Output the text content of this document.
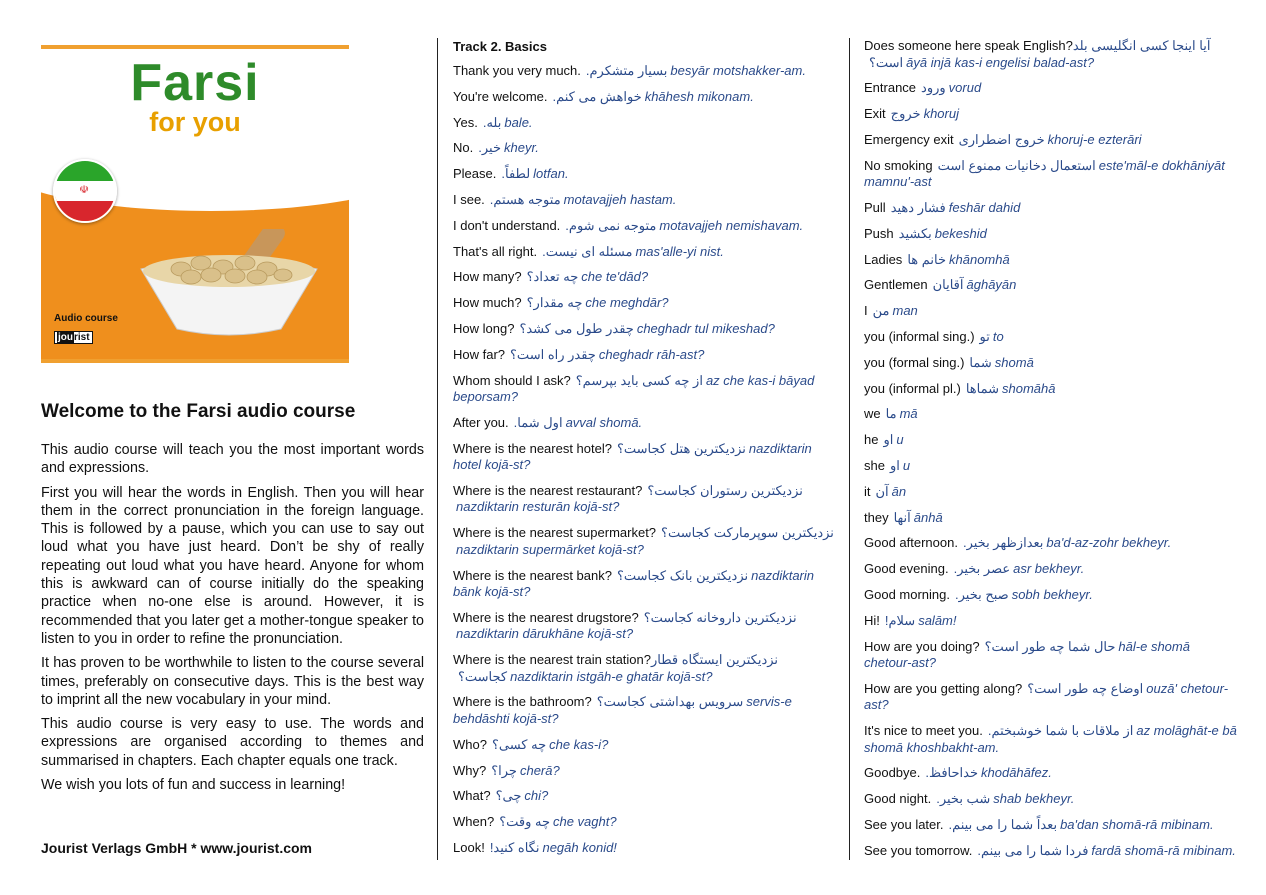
Farsi
for you
☫
Audio course
jourist
Welcome to the Farsi audio course

This audio course will teach you the most important words and expressions.

First you will hear the words in English. Then you will hear them in the correct pronunciation in the foreign language. This is followed by a pause, which you can use to say out loud what you have just heard. Don’t be shy of really repeating out loud what you have heard. Anyone for whom this is awkward can of course initially do the speaking practice when no-one else is around. However, it is recommended that you later get a mother-tongue speaker to listen to you in order to refine the pronunciation.

It has proven to be worthwhile to listen to the course several times, preferably on consecutive days. This is the best way to imprint all the new vocabulary in your mind.

This audio course is very easy to use. The words and expressions are organised according to themes and summarised in chapters. Each chapter equals one track.

We wish you lots of fun and success in learning!

Jourist Verlags GmbH * www.jourist.com
Track 2. Basics
Thank you very much. بسیار متشکرم. besyār motshakker-am.
You're welcome. خواهش می کنم. khāhesh mikonam.
Yes. بله. bale.
No. خیر. kheyr.
Please. لطفاً. lotfan.
I see. متوجه هستم. motavajjeh hastam.
I don't understand. متوجه نمی شوم. motavajjeh nemishavam.
That's all right. مسئله ای نیست. mas'alle-yi nist.
How many? چه تعداد؟ che te'dād?
How much? چه مقدار؟ che meghdār?
How long? چقدر طول می کشد؟ cheghadr tul mikeshad?
How far? چقدر راه است؟ cheghadr rāh-ast?
Whom should I ask? از چه کسی باید بپرسم؟ az che kas-i bāyad beporsam?
After you. اول شما. avval shomā.
Where is the nearest hotel? نزدیکترین هتل کجاست؟ nazdiktarin hotel kojā-st?
Where is the nearest restaurant? نزدیکترین رستوران کجاست؟nazdiktarin resturān kojā-st?
Where is the nearest supermarket? نزدیکترین سوپرمارکت کجاست؟nazdiktarin supermārket kojā-st?
Where is the nearest bank? نزدیکترین بانک کجاست؟ nazdiktarin bānk kojā-st?
Where is the nearest drugstore? نزدیکترین داروخانه کجاست؟nazdiktarin dārukhāne kojā-st?
Where is the nearest train station?نزدیکترین ایستگاه قطار کجاست؟ nazdiktarin istgāh-e ghatār kojā-st?
Where is the bathroom? سرویس بهداشتی کجاست؟ servis-e behdāshti kojā-st?
Who? چه کسی؟ che kas-i?
Why? چرا؟ cherā?
What? چی؟ chi?
When? چه وقت؟ che vaght?
Look! نگاه کنید! negāh konid!
Does someone here speak English?آیا اینجا کسی انگلیسی بلد است؟ āyā injā kas-i engelisi balad-ast?
Entrance ورود vorud
Exit خروج khoruj
Emergency exit خروج اضطراری khoruj-e ezterāri
No smoking استعمال دخانیات ممنوع است este'māl-e dokhāniyāt mamnu'-ast
Pull فشار دهید feshār dahid
Push بکشید bekeshid
Ladies خانم ها khānomhā
Gentlemen آقایان āghāyān
I من man
you (informal sing.) تو to
you (formal sing.) شما shomā
you (informal pl.) شماها shomāhā
we ما mā
he او u
she او u
it آن ān
they آنها ānhā
Good afternoon. بعدازظهر بخیر. ba'd-az-zohr bekheyr.
Good evening. عصر بخیر. asr bekheyr.
Good morning. صبح بخیر. sobh bekheyr.
Hi! سلام! salām!
How are you doing? حال شما چه طور است؟ hāl-e shomā chetour-ast?
How are you getting along? اوضاع چه طور است؟ ouzā' chetour-ast?
It's nice to meet you. از ملاقات با شما خوشبختم. az molāghāt-e bā shomā khoshbakht-am.
Goodbye. خداحافظ. khodāhāfez.
Good night. شب بخیر. shab bekheyr.
See you later. بعداً شما را می بینم. ba'dan shomā-rā mibinam.
See you tomorrow. فردا شما را می بینم. fardā shomā-rā mibinam.
